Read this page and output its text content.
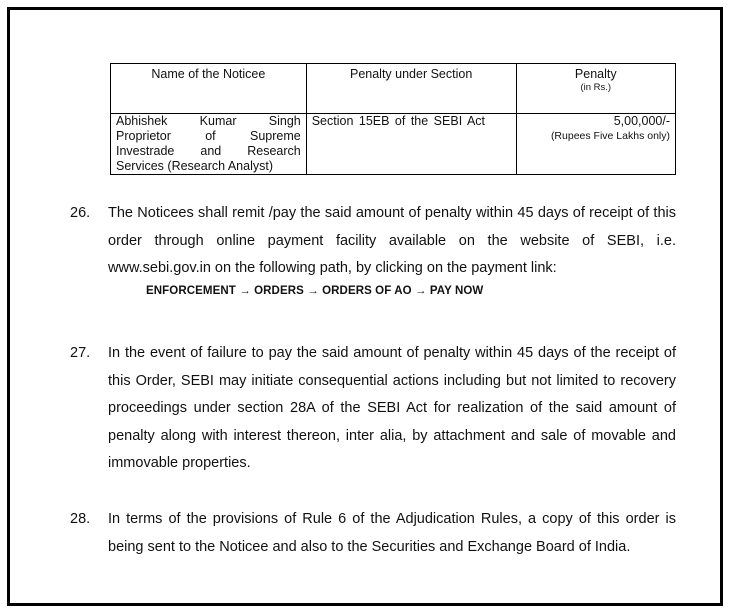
Name of the Noticee	Penalty under Section	Penalty
(in Rs.)

Abhishek Kumar Singh Proprietor of Supreme Investrade and Research Services (Research Analyst)	Section 15EB of the SEBI Act	5,00,000/-
(Rupees Five Lakhs only)
26.	The Noticees shall remit /pay the said amount of penalty within 45 days of receipt of this order through online payment facility available on the website of SEBI, i.e. www.sebi.gov.in on the following path, by clicking on the payment link:
ENFORCEMENT → ORDERS → ORDERS OF AO → PAY NOW
27.	In the event of failure to pay the said amount of penalty within 45 days of the receipt of this Order, SEBI may initiate consequential actions including but not limited to recovery proceedings under section 28A of the SEBI Act for realization of the said amount of penalty along with interest thereon, inter alia, by attachment and sale of movable and immovable properties.
28.	In terms of the provisions of Rule 6 of the Adjudication Rules, a copy of this order is being sent to the Noticee and also to the Securities and Exchange Board of India.
